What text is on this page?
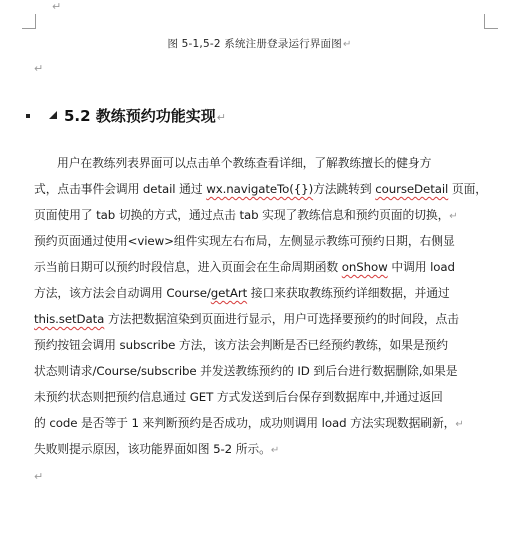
↵
图 5-1,5-2 系统注册登录运行界面图↵
↵
5.2 教练预约功能实现↵
用户在教练列表界面可以点击单个教练查看详细，了解教练擅长的健身方
式，点击事件会调用 detail 通过 wx.navigateTo({})方法跳转到 courseDetail 页面，
页面使用了 tab 切换的方式，通过点击 tab 实现了教练信息和预约页面的切换，↵
预约页面通过使用<view>组件实现左右布局，左侧显示教练可预约日期，右侧显
示当前日期可以预约时段信息，进入页面会在生命周期函数 onShow 中调用 load
方法，该方法会自动调用 Course/getArt 接口来获取教练预约详细数据，并通过
this.setData 方法把数据渲染到页面进行显示，用户可选择要预约的时间段，点击
预约按钮会调用 subscribe 方法，该方法会判断是否已经预约教练，如果是预约
状态则请求/Course/subscribe 并发送教练预约的 ID 到后台进行数据删除,如果是
未预约状态则把预约信息通过 GET 方式发送到后台保存到数据库中,并通过返回
的 code 是否等于 1 来判断预约是否成功，成功则调用 load 方法实现数据刷新，↵
失败则提示原因，该功能界面如图 5-2 所示。↵
↵
